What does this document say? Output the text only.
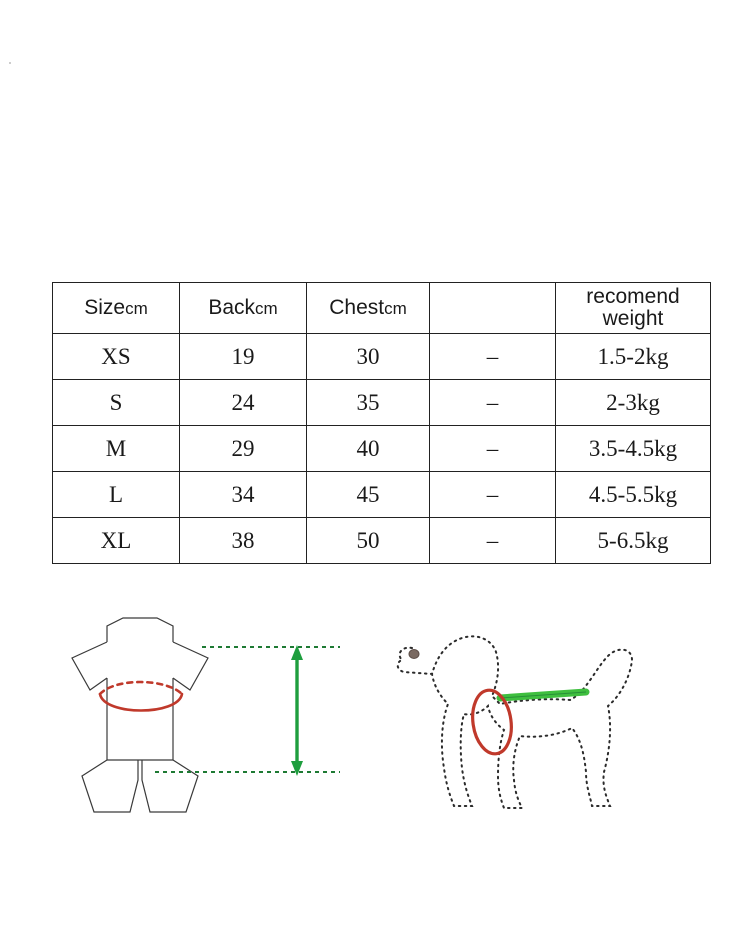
Sizecm	Backcm	Chestcm		recomend
weight

XS	19	30	–	1.5-2kg
S	24	35	–	2-3kg
M	29	40	–	3.5-4.5kg
L	34	45	–	4.5-5.5kg
XL	38	50	–	5-6.5kg
